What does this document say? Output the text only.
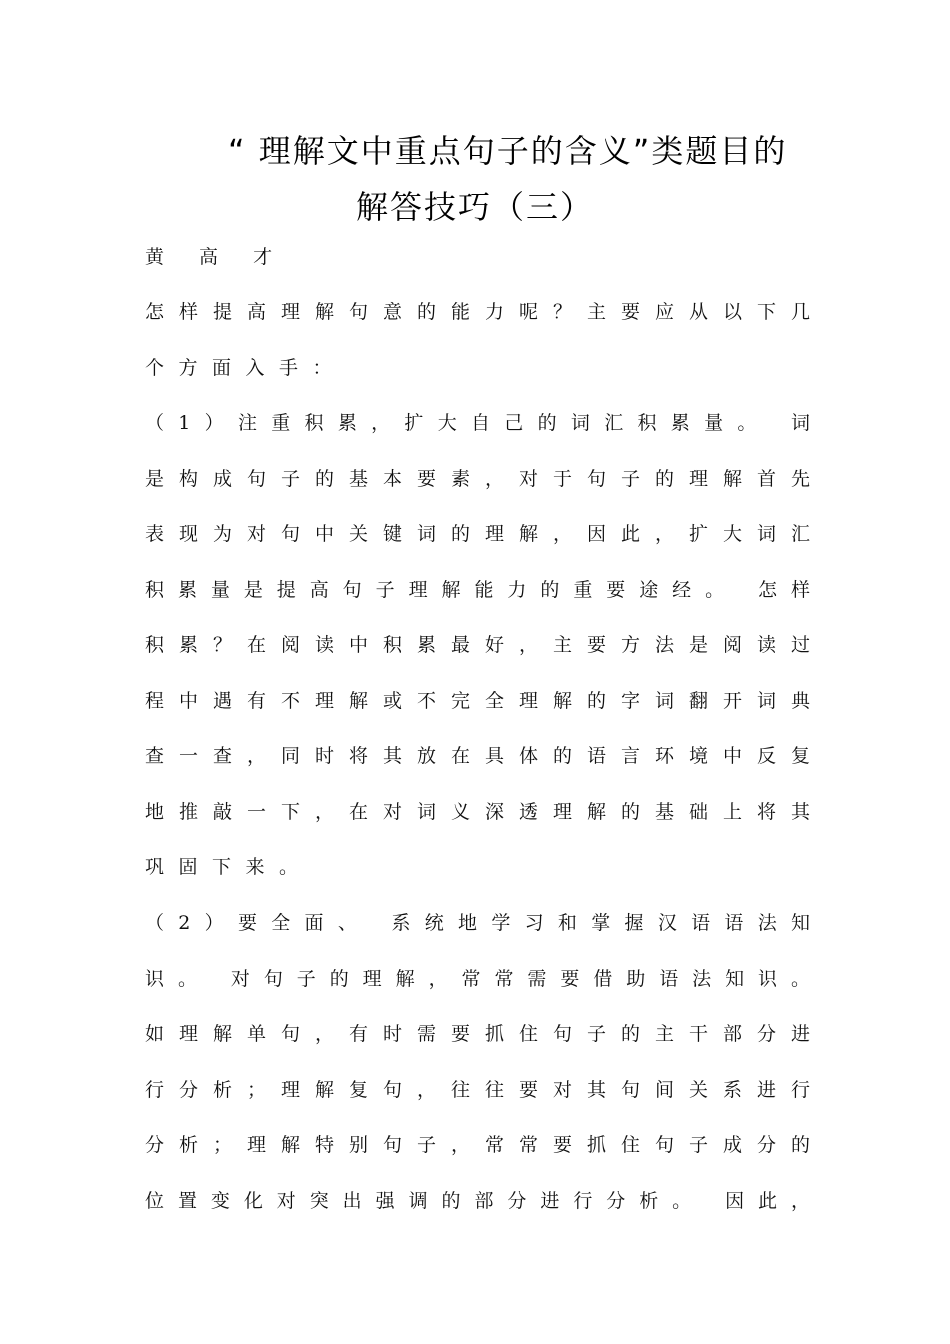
“ 理解文中重点句子的含义”类题目的
解答技巧（三）
黄 高 才
怎样提高理解句意的能力呢？主要应从以下几
个方面入手：
（1）注重积累，扩大自己的词汇积累量。 词
是构成句子的基本要素，对于句子的理解首先
表现为对句中关键词的理解，因此，扩大词汇
积累量是提高句子理解能力的重要途经。 怎样
积累？在阅读中积累最好，主要方法是阅读过
程中遇有不理解或不完全理解的字词翻开词典
查一查，同时将其放在具体的语言环境中反复
地推敲一下，在对词义深透理解的基础上将其
巩固下来。
（2）要全面、 系统地学习和掌握汉语语法知
识。 对句子的理解，常常需要借助语法知识。
如理解单句，有时需要抓住句子的主干部分进
行分析；理解复句，往往要对其句间关系进行
分析；理解特别句子，常常要抓住句子成分的
位置变化对突出强调的部分进行分析。 因此，
